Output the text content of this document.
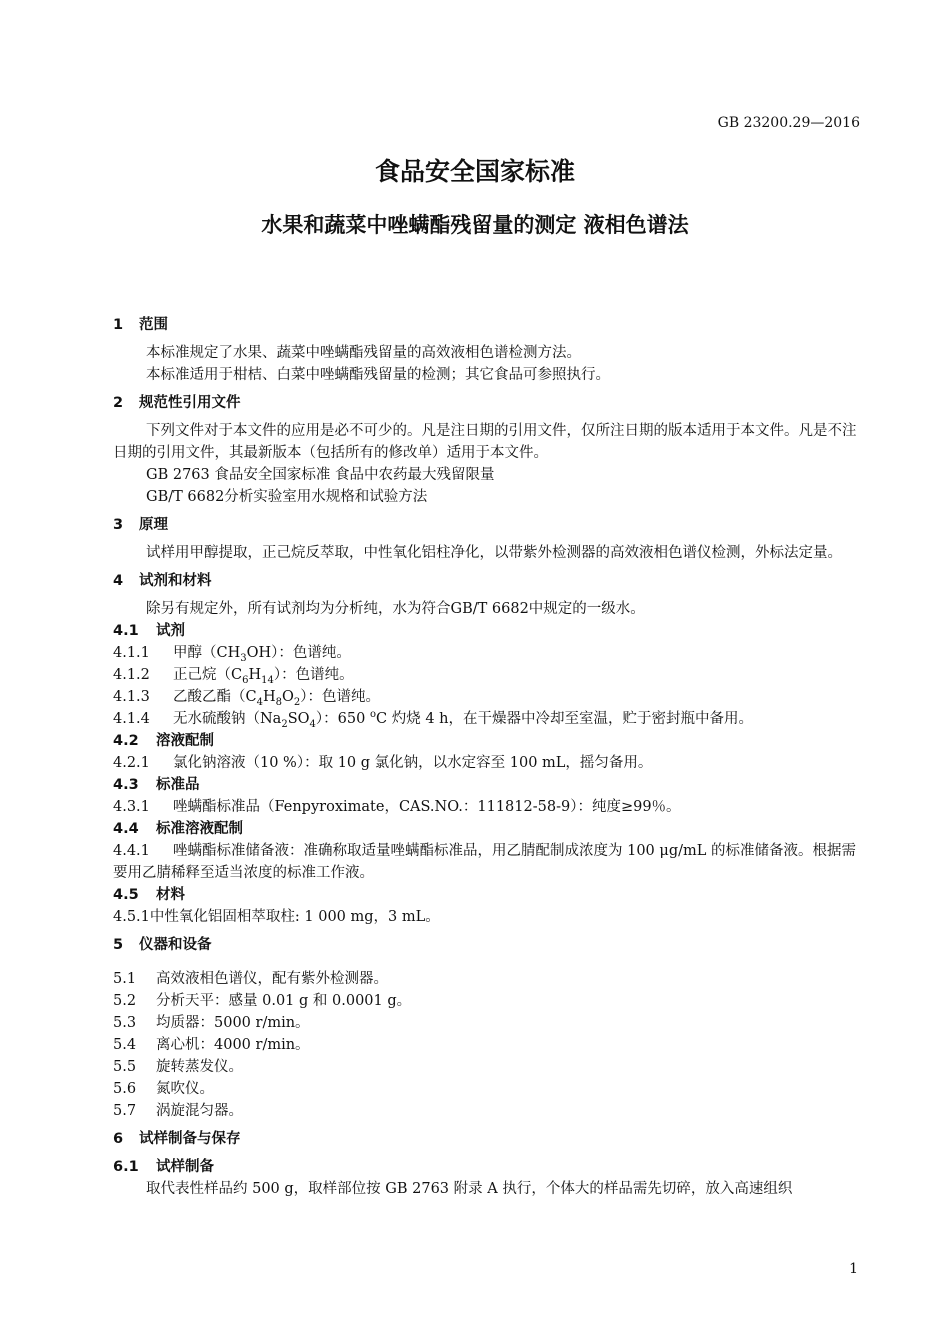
GB 23200.29—2016
食品安全国家标准
水果和蔬菜中唑螨酯残留量的测定 液相色谱法
1 范围
本标准规定了水果、蔬菜中唑螨酯残留量的高效液相色谱检测方法。
本标准适用于柑桔、白菜中唑螨酯残留量的检测；其它食品可参照执行。
2 规范性引用文件
下列文件对于本文件的应用是必不可少的。凡是注日期的引用文件，仅所注日期的版本适用于本文件。凡是不注日期的引用文件，其最新版本（包括所有的修改单）适用于本文件。
GB 2763 食品安全国家标准 食品中农药最大残留限量
GB/T 6682分析实验室用水规格和试验方法
3 原理
试样用甲醇提取，正己烷反萃取，中性氧化铝柱净化，以带紫外检测器的高效液相色谱仪检测，外标法定量。
4 试剂和材料
除另有规定外，所有试剂均为分析纯，水为符合GB/T 6682中规定的一级水。
4.1 试剂
4.1.1 甲醇$(CH_3OH)$：色谱纯。
4.1.2 正己烷$(C_6H_{14})$：色谱纯。
4.1.3 乙酸乙酯$(C_4H_8O_2)$：色谱纯。
4.1.4 无水硫酸钠$(Na_2SO_4)$：650 $^o$C 灼烧 4 h，在干燥器中冷却至室温，贮于密封瓶中备用。
4.2 溶液配制
4.2.1 氯化钠溶液（10 %）：取 10 g 氯化钠，以水定容至 100 mL，摇匀备用。
4.3 标准品
4.3.1 唑螨酯标准品（Fenpyroximate，CAS.NO.：111812-58-9）：纯度≥99％。
4.4 标准溶液配制
4.4.1 唑螨酯标准储备液：准确称取适量唑螨酯标准品，用乙腈配制成浓度为 100 μg/mL 的标准储备液。根据需要用乙腈稀释至适当浓度的标准工作液。
4.5 材料
4.5.1中性氧化铝固相萃取柱: 1 000 mg，3 mL。
5 仪器和设备
5.1 高效液相色谱仪，配有紫外检测器。
5.2 分析天平：感量 0.01 g 和 0.0001 g。
5.3 均质器：5000 r/min。
5.4 离心机：4000 r/min。
5.5 旋转蒸发仪。
5.6 氮吹仪。
5.7 涡旋混匀器。
6 试样制备与保存
6.1 试样制备
取代表性样品约 500 g，取样部位按 GB 2763 附录 A 执行，个体大的样品需先切碎，放入高速组织
1
